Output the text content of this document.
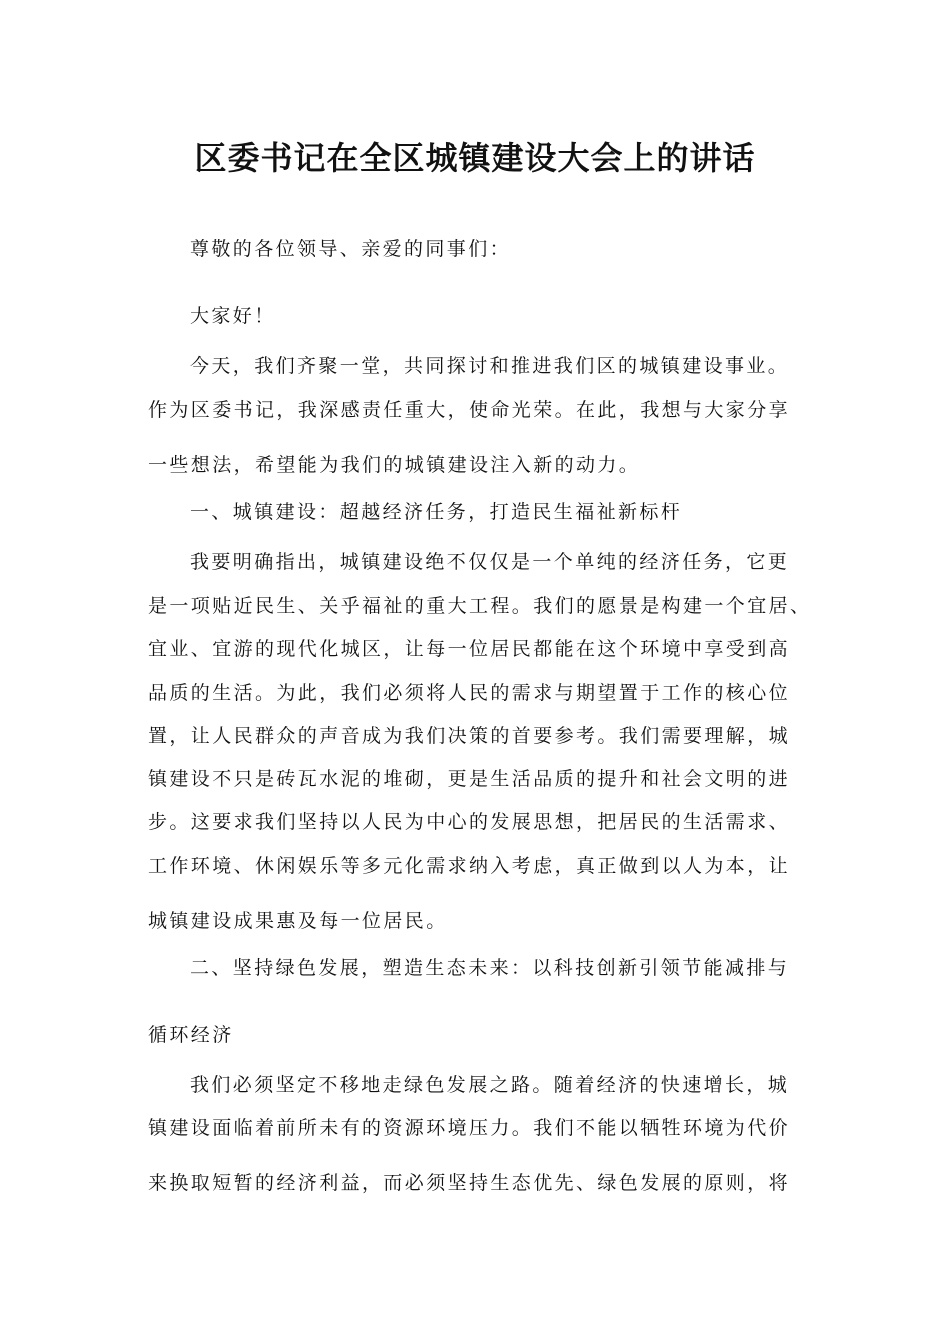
区委书记在全区城镇建设大会上的讲话
尊敬的各位领导、亲爱的同事们：
大家好！
今天，我们齐聚一堂，共同探讨和推进我们区的城镇建设事业。
作为区委书记，我深感责任重大，使命光荣。在此，我想与大家分享
一些想法，希望能为我们的城镇建设注入新的动力。
一、城镇建设：超越经济任务，打造民生福祉新标杆
我要明确指出，城镇建设绝不仅仅是一个单纯的经济任务，它更
是一项贴近民生、关乎福祉的重大工程。我们的愿景是构建一个宜居、
宜业、宜游的现代化城区，让每一位居民都能在这个环境中享受到高
品质的生活。为此，我们必须将人民的需求与期望置于工作的核心位
置，让人民群众的声音成为我们决策的首要参考。我们需要理解，城
镇建设不只是砖瓦水泥的堆砌，更是生活品质的提升和社会文明的进
步。这要求我们坚持以人民为中心的发展思想，把居民的生活需求、
工作环境、休闲娱乐等多元化需求纳入考虑，真正做到以人为本，让
城镇建设成果惠及每一位居民。
二、坚持绿色发展，塑造生态未来：以科技创新引领节能减排与
循环经济
我们必须坚定不移地走绿色发展之路。随着经济的快速增长，城
镇建设面临着前所未有的资源环境压力。我们不能以牺牲环境为代价
来换取短暂的经济利益，而必须坚持生态优先、绿色发展的原则，将
